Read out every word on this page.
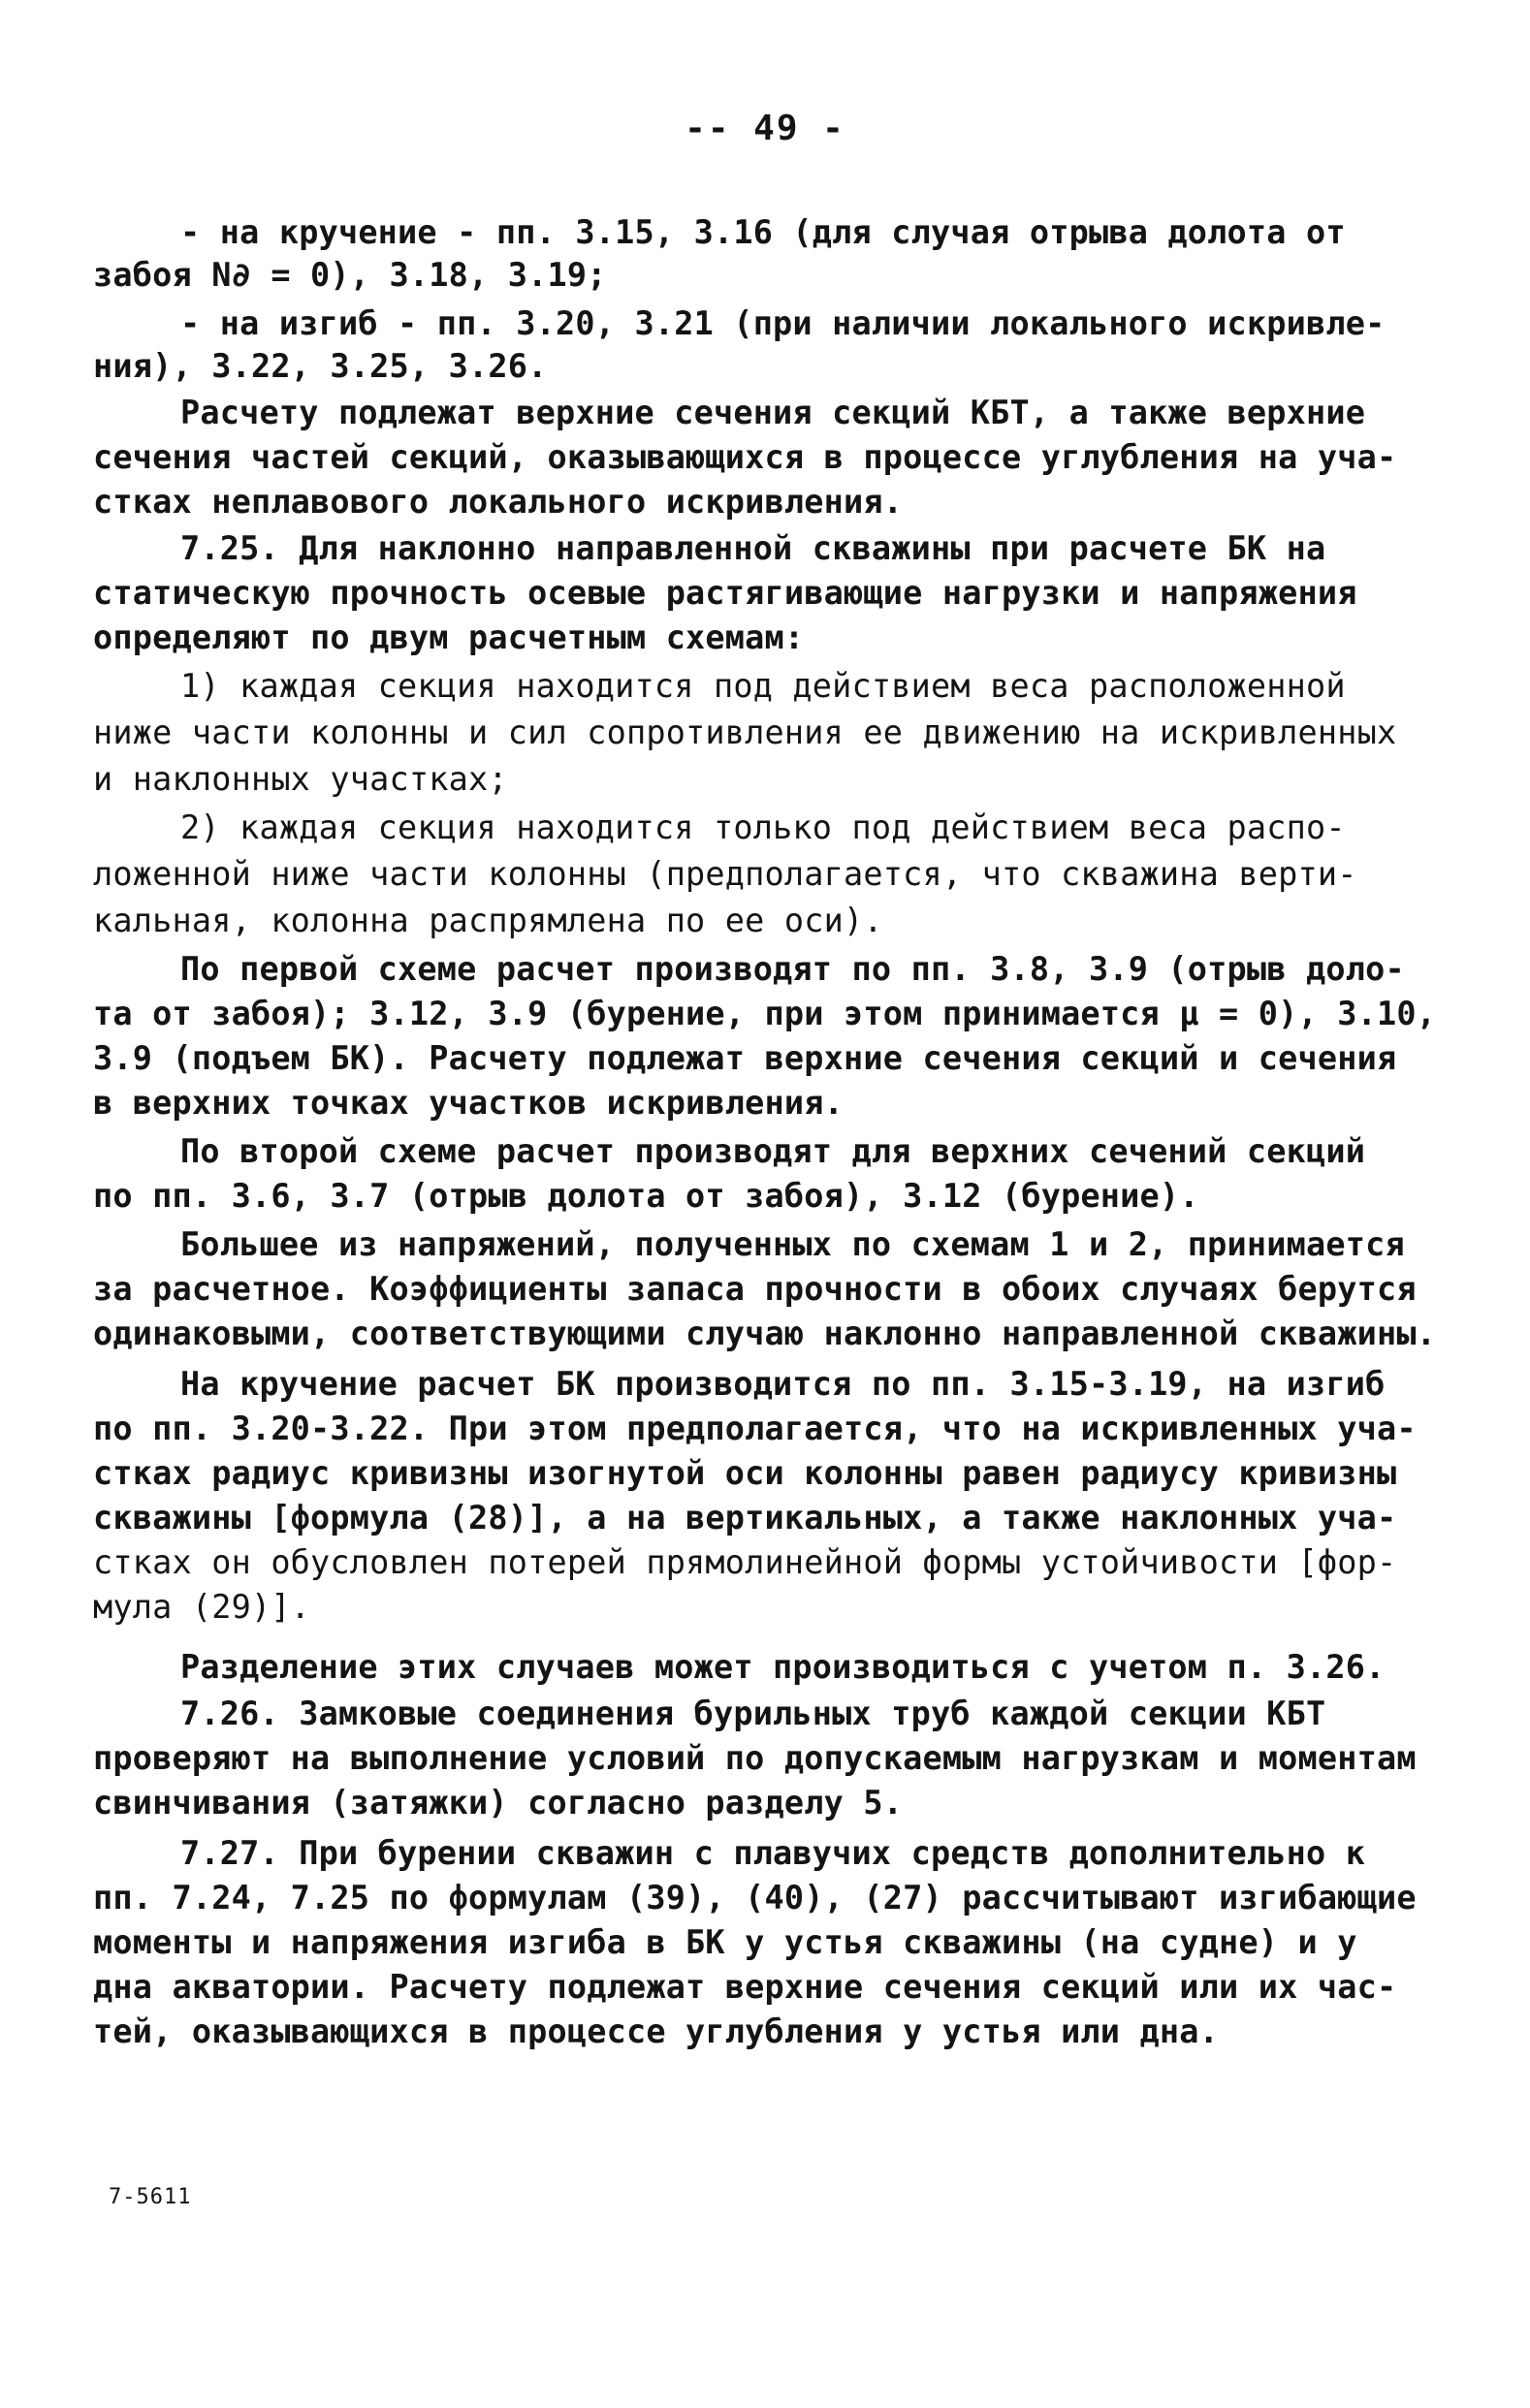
-- 49 -
- на кручение - пп. 3.15, 3.16 (для случая отрыва долота от
забоя N∂ = 0), 3.18, 3.19;
- на изгиб - пп. 3.20, 3.21 (при наличии локального искривле-
ния), 3.22, 3.25, 3.26.
Расчету подлежат верхние сечения секций КБТ, а также верхние
сечения частей секций, оказывающихся в процессе углубления на уча-
стках неплавового локального искривления.
7.25. Для наклонно направленной скважины при расчете БК на
статическую прочность осевые растягивающие нагрузки и напряжения
определяют по двум расчетным схемам:
1) каждая секция находится под действием веса расположенной
ниже части колонны и сил сопротивления ее движению на искривленных
и наклонных участках;
2) каждая секция находится только под действием веса распо-
ложенной ниже части колонны (предполагается, что скважина верти-
кальная, колонна распрямлена по ее оси).
По первой схеме расчет производят по пп. 3.8, 3.9 (отрыв доло-
та от забоя); 3.12, 3.9 (бурение, при этом принимается μ = 0), 3.10,
3.9 (подъем БК). Расчету подлежат верхние сечения секций и сечения
в верхних точках участков искривления.
По второй схеме расчет производят для верхних сечений секций
по пп. 3.6, 3.7 (отрыв долота от забоя), 3.12 (бурение).
Большее из напряжений, полученных по схемам 1 и 2, принимается
за расчетное. Коэффициенты запаса прочности в обоих случаях берутся
одинаковыми, соответствующими случаю наклонно направленной скважины.
На кручение расчет БК производится по пп. 3.15-3.19, на изгиб
по пп. 3.20-3.22. При этом предполагается, что на искривленных уча-
стках радиус кривизны изогнутой оси колонны равен радиусу кривизны
скважины [формула (28)], а на вертикальных, а также наклонных уча-
стках он обусловлен потерей прямолинейной формы устойчивости [фор-
мула (29)].
Разделение этих случаев может производиться с учетом п. 3.26.
7.26. Замковые соединения бурильных труб каждой секции КБТ
проверяют на выполнение условий по допускаемым нагрузкам и моментам
свинчивания (затяжки) согласно разделу 5.
7.27. При бурении скважин с плавучих средств дополнительно к
пп. 7.24, 7.25 по формулам (39), (40), (27) рассчитывают изгибающие
моменты и напряжения изгиба в БК у устья скважины (на судне) и у
дна акватории. Расчету подлежат верхние сечения секций или их час-
тей, оказывающихся в процессе углубления у устья или дна.
7-5611
